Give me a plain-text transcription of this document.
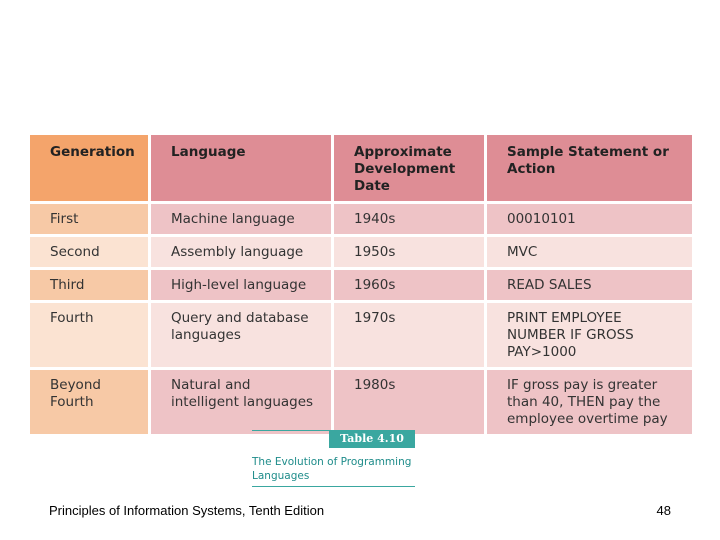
Generation	Language	Approximate Development Date	Sample Statement or Action
First	Machine language	1940s	00010101
Second	Assembly language	1950s	MVC
Third	High-level language	1960s	READ SALES
Fourth	Query and database languages	1970s	PRINT EMPLOYEE NUMBER IF GROSS PAY>1000
Beyond Fourth	Natural and intelligent languages	1980s	IF gross pay is greater than 40, THEN pay the employee overtime pay
Table 4.10
The Evolution of Programming Languages
Principles of Information Systems, Tenth Edition	48
